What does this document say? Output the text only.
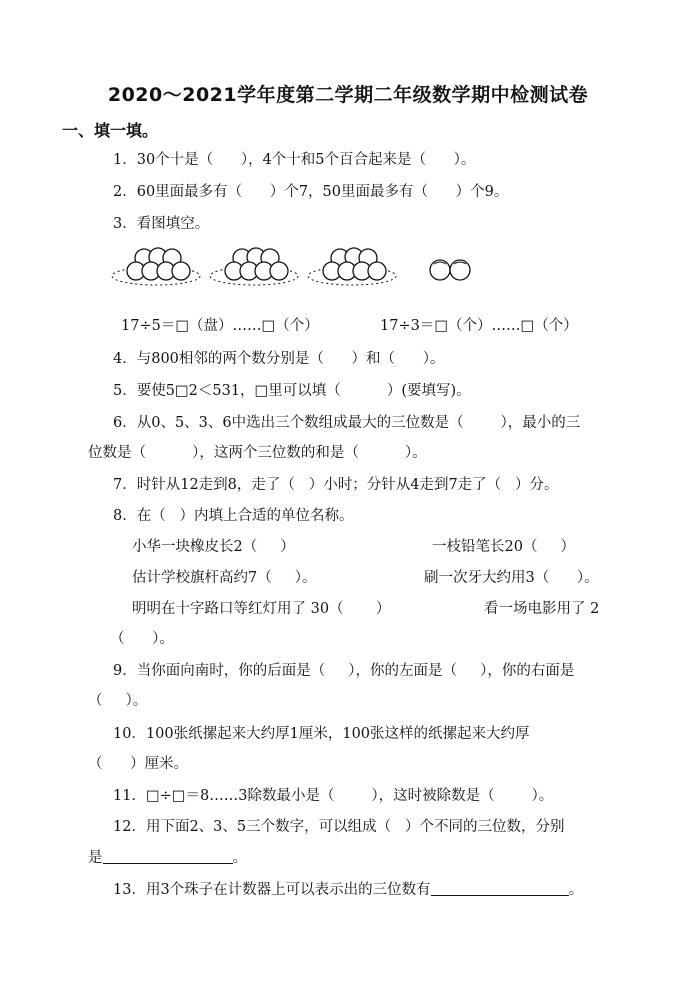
2020～2021学年度第二学期二年级数学期中检测试卷
一、填一填。
1．30个十是（      ），4个十和5个百合起来是（      ）。
2．60里面最多有（      ）个7，50里面最多有（      ）个9。
3．看图填空。
17÷5＝□（盘）……□（个）	17÷3＝□（个）……□（个）
4．与800相邻的两个数分别是（      ）和（      ）。
5．要使5□2＜531，□里可以填（          ）(要填写)。
6．从0、5、3、6中选出三个数组成最大的三位数是（        ），最小的三
位数是（          ），这两个三位数的和是（          ）。
7．时针从12走到8，走了（   ）小时；分针从4走到7走了（   ）分。
8．在（   ）内填上合适的单位名称。
小华一块橡皮长2（     ）	一枝铅笔长20（     ）
估计学校旗杆高约7（     ）。	刷一次牙大约用3（      ）。
明明在十字路口等红灯用了 30（       ）	看一场电影用了 2
（      ）。
9．当你面向南时，你的后面是（     ），你的左面是（     ），你的右面是
（     ）。
10．100张纸摞起来大约厚1厘米，100张这样的纸摞起来大约厚
（      ）厘米。
11．□÷□＝8……3除数最小是（        ），这时被除数是（        ）。
12．用下面2、3、5三个数字，可以组成（   ）个不同的三位数，分别
是	。
13．用3个珠子在计数器上可以表示出的三位数有	。
